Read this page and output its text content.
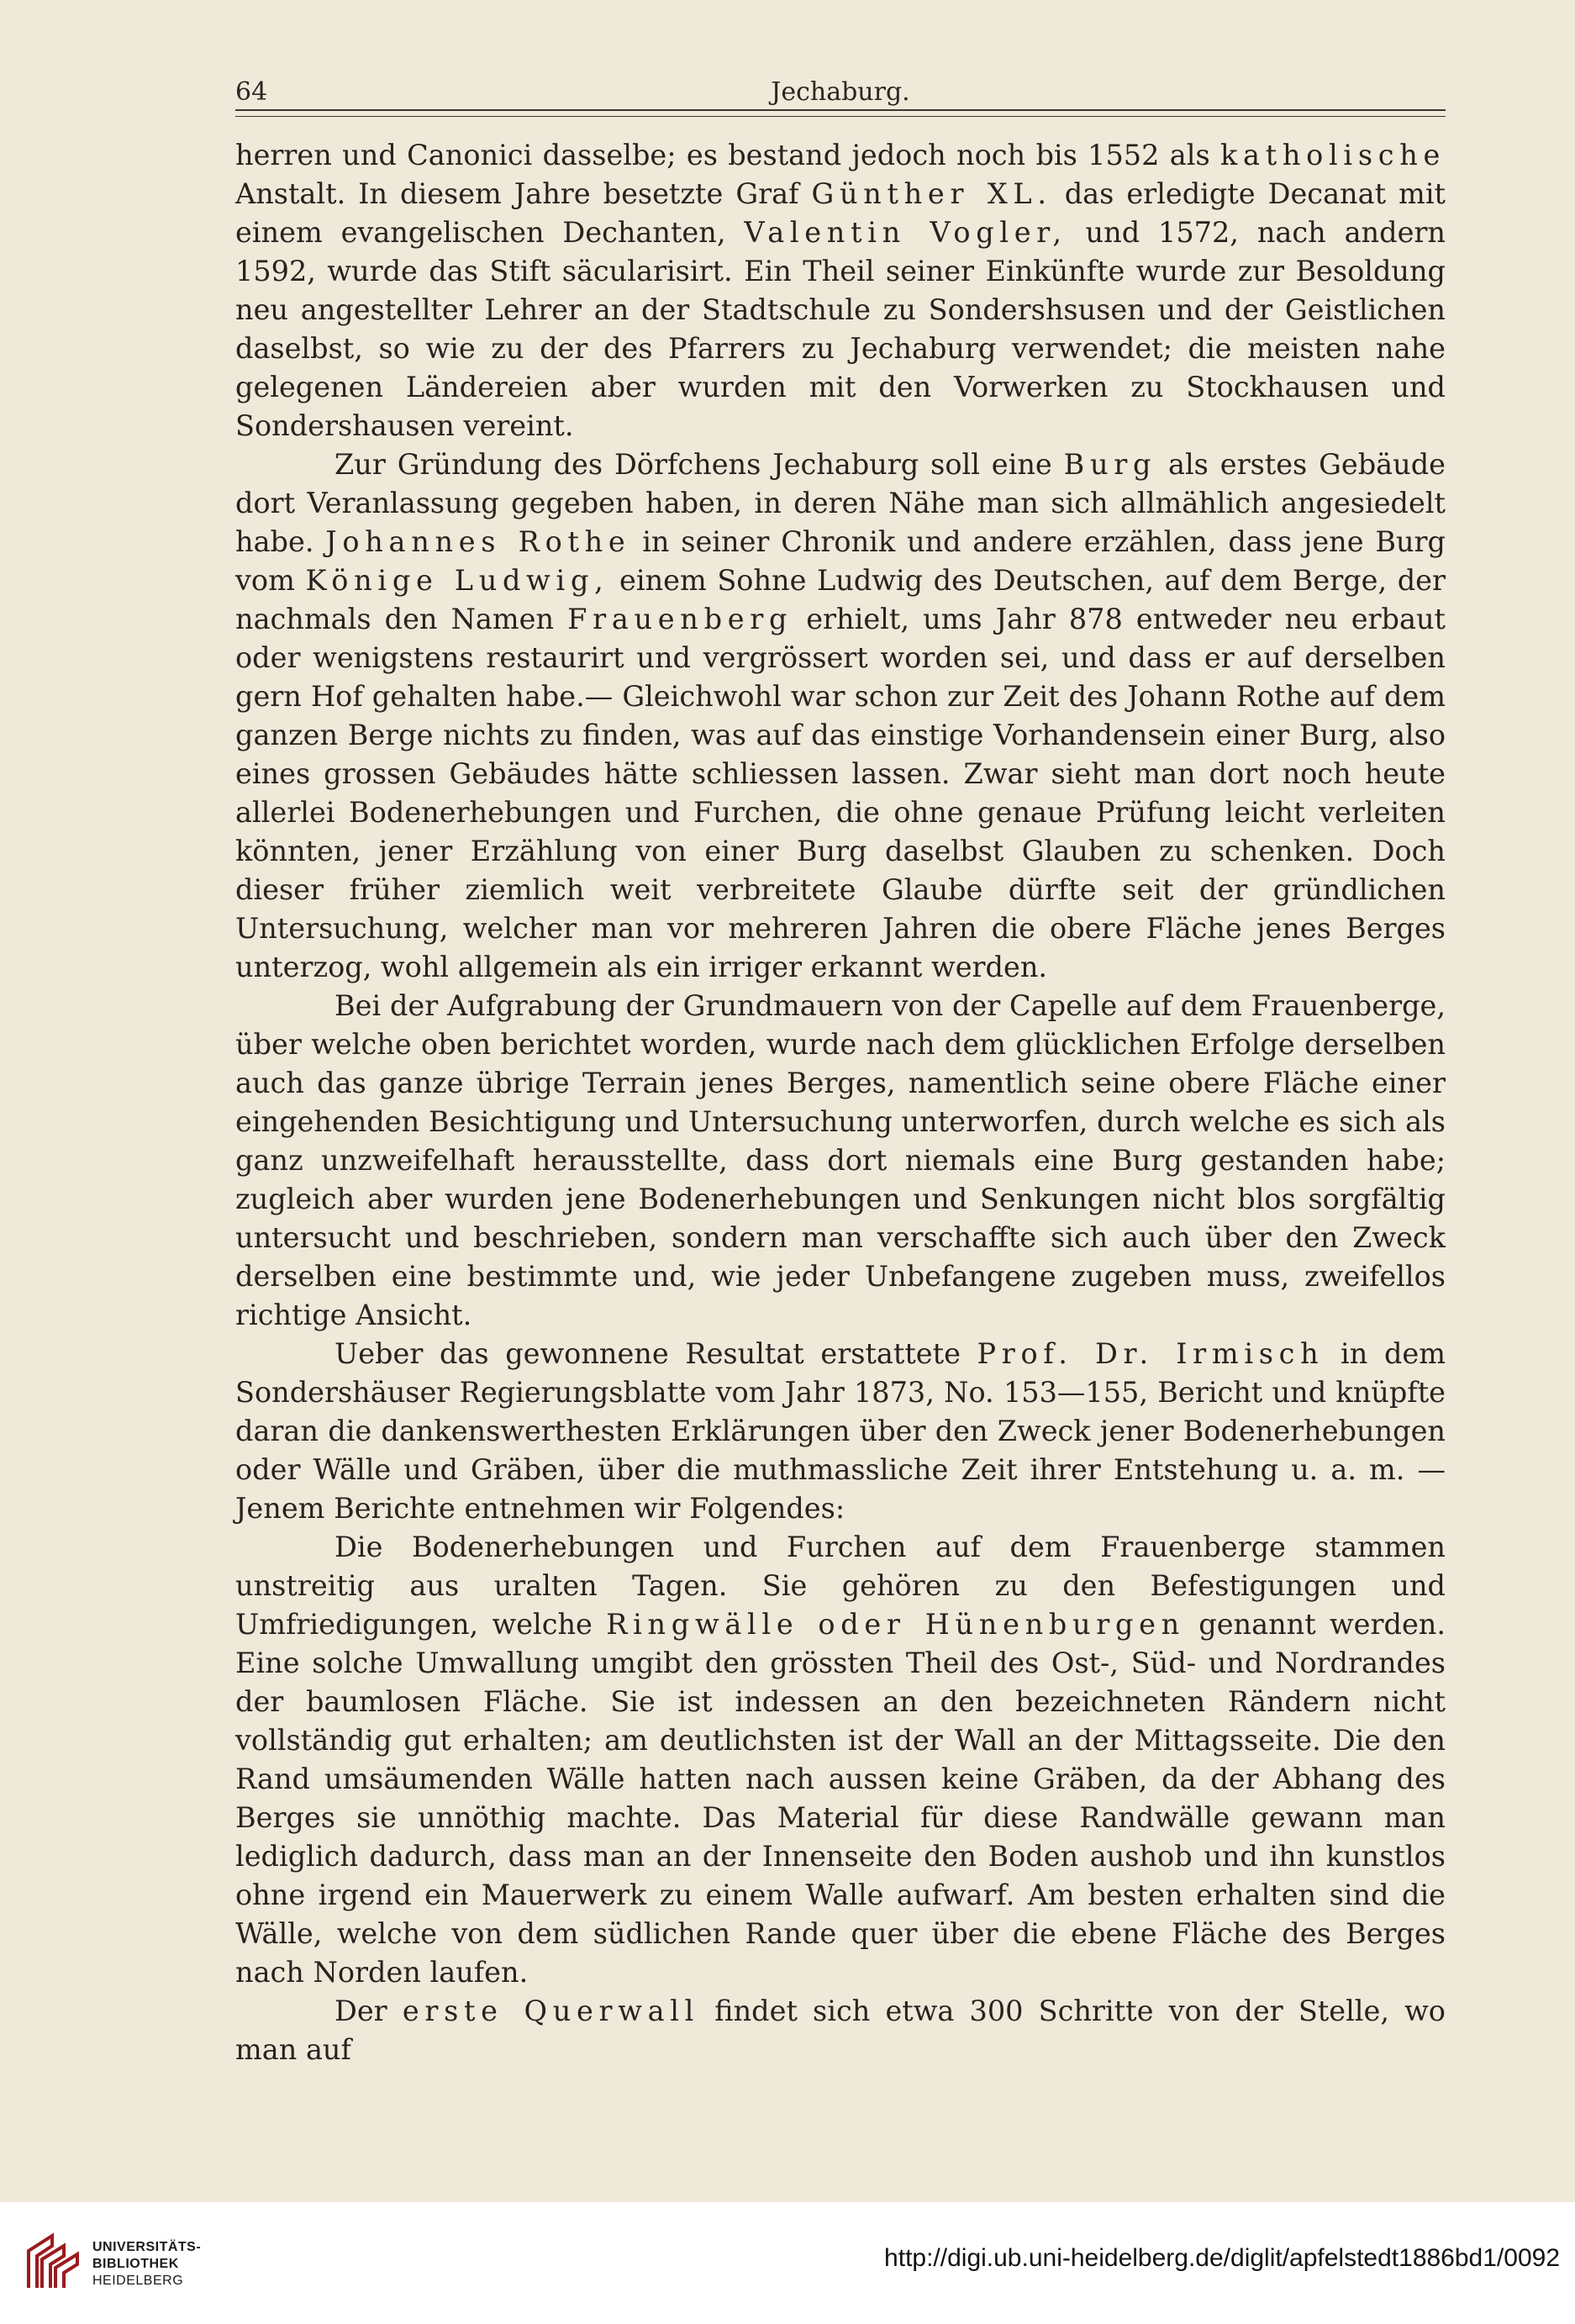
64	Jechaburg.

herren und Canonici dasselbe; es bestand jedoch noch bis 1552 als katholische Anstalt. In diesem Jahre besetzte Graf Günther XL. das erledigte Decanat mit einem evangelischen Dechanten, Valentin Vogler, und 1572, nach andern 1592, wurde das Stift säcularisirt. Ein Theil seiner Einkünfte wurde zur Besoldung neu angestellter Lehrer an der Stadtschule zu Sondershsusen und der Geistlichen daselbst, so wie zu der des Pfarrers zu Jechaburg verwendet; die meisten nahe gelegenen Ländereien aber wurden mit den Vorwerken zu Stockhausen und Sondershausen vereint.

Zur Gründung des Dörfchens Jechaburg soll eine Burg als erstes Gebäude dort Veranlassung gegeben haben, in deren Nähe man sich allmählich angesiedelt habe. Johannes Rothe in seiner Chronik und andere erzählen, dass jene Burg vom Könige Ludwig, einem Sohne Ludwig des Deutschen, auf dem Berge, der nachmals den Namen Frauenberg erhielt, ums Jahr 878 entweder neu erbaut oder wenigstens restaurirt und vergrössert worden sei, und dass er auf derselben gern Hof gehalten habe.— Gleichwohl war schon zur Zeit des Johann Rothe auf dem ganzen Berge nichts zu finden, was auf das einstige Vorhandensein einer Burg, also eines grossen Gebäudes hätte schliessen lassen. Zwar sieht man dort noch heute allerlei Bodenerhebungen und Furchen, die ohne genaue Prüfung leicht verleiten könnten, jener Erzählung von einer Burg daselbst Glauben zu schenken. Doch dieser früher ziemlich weit verbreitete Glaube dürfte seit der gründlichen Untersuchung, welcher man vor mehreren Jahren die obere Fläche jenes Berges unterzog, wohl allgemein als ein irriger erkannt werden.

Bei der Aufgrabung der Grundmauern von der Capelle auf dem Frauenberge, über welche oben berichtet worden, wurde nach dem glücklichen Erfolge derselben auch das ganze übrige Terrain jenes Berges, namentlich seine obere Fläche einer eingehenden Besichtigung und Untersuchung unterworfen, durch welche es sich als ganz unzweifelhaft herausstellte, dass dort niemals eine Burg gestanden habe; zugleich aber wurden jene Bodenerhebungen und Senkungen nicht blos sorgfältig untersucht und beschrieben, sondern man verschaffte sich auch über den Zweck derselben eine bestimmte und, wie jeder Unbefangene zugeben muss, zweifellos richtige Ansicht.

Ueber das gewonnene Resultat erstattete Prof. Dr. Irmisch in dem Sondershäuser Regierungsblatte vom Jahr 1873, No. 153—155, Bericht und knüpfte daran die dankenswerthesten Erklärungen über den Zweck jener Bodenerhebungen oder Wälle und Gräben, über die muthmassliche Zeit ihrer Entstehung u. a. m. — Jenem Berichte entnehmen wir Folgendes:

Die Bodenerhebungen und Furchen auf dem Frauenberge stammen unstreitig aus uralten Tagen. Sie gehören zu den Befestigungen und Umfriedigungen, welche Ringwälle oder Hünenburgen genannt werden. Eine solche Umwallung umgibt den grössten Theil des Ost-, Süd- und Nordrandes der baumlosen Fläche. Sie ist indessen an den bezeichneten Rändern nicht vollständig gut erhalten; am deutlichsten ist der Wall an der Mittagsseite. Die den Rand umsäumenden Wälle hatten nach aussen keine Gräben, da der Abhang des Berges sie unnöthig machte. Das Material für diese Randwälle gewann man lediglich dadurch, dass man an der Innenseite den Boden aushob und ihn kunstlos ohne irgend ein Mauerwerk zu einem Walle aufwarf. Am besten erhalten sind die Wälle, welche von dem südlichen Rande quer über die ebene Fläche des Berges nach Norden laufen.

Der erste Querwall findet sich etwa 300 Schritte von der Stelle, wo man auf

UNIVERSITÄTS-
BIBLIOTHEK
HEIDELBERG
http://digi.ub.uni-heidelberg.de/diglit/apfelstedt1886bd1/0092
